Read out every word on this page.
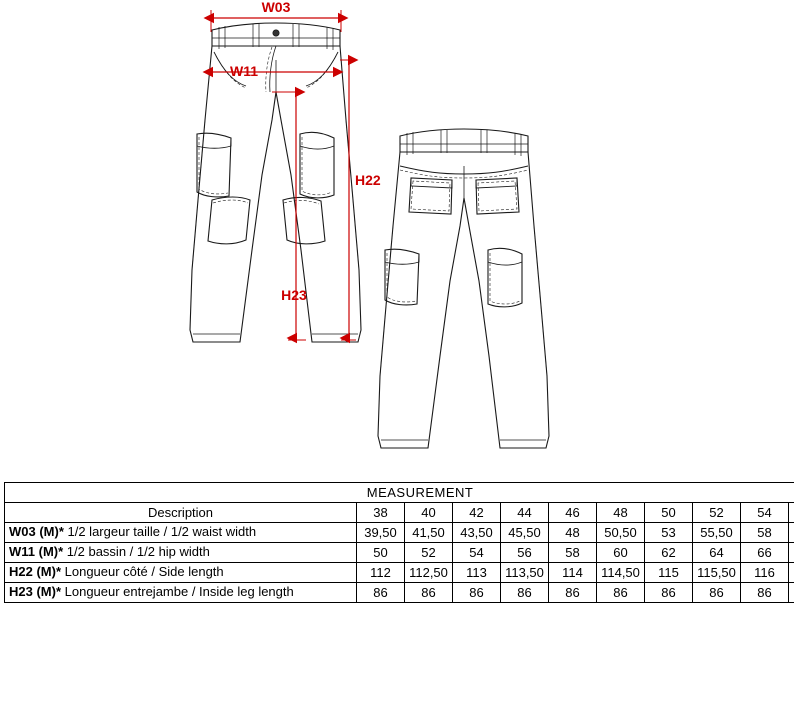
W03
W11
H22
H23
MEASUREMENT										
Description	38	40	42	44	46	48	50	52	54	
W03 (M)* 1/2 largeur taille / 1/2 waist width	39,50	41,50	43,50	45,50	48	50,50	53	55,50	58	
W11 (M)* 1/2 bassin / 1/2 hip width	50	52	54	56	58	60	62	64	66	
H22 (M)* Longueur côté / Side length	112	112,50	113	113,50	114	114,50	115	115,50	116	
H23 (M)* Longueur entrejambe / Inside leg length	86	86	86	86	86	86	86	86	86	
